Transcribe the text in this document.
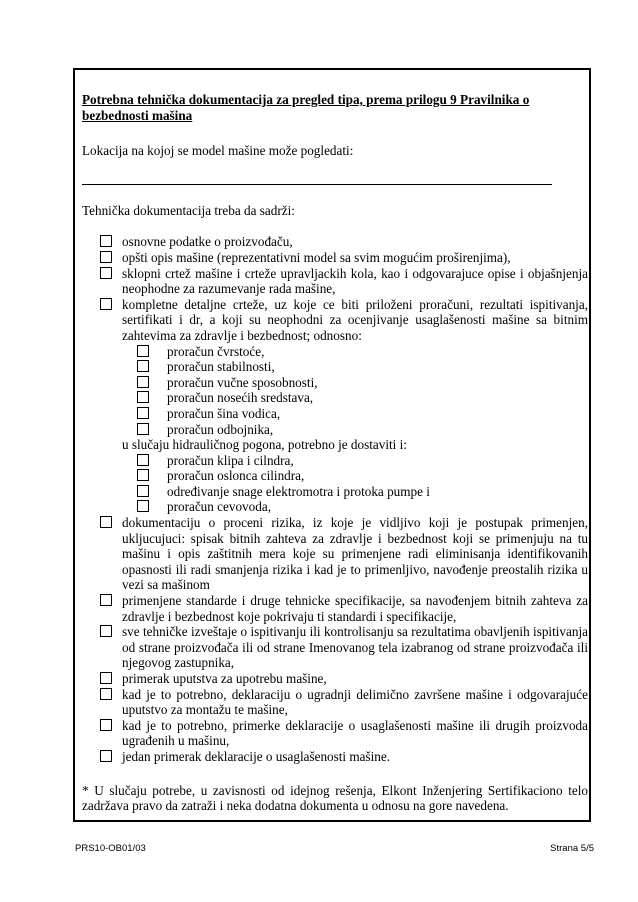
Potrebna tehnička dokumentacija za pregled tipa, prema prilogu 9 Pravilnika o bezbednosti mašina

Lokacija na kojoj se model mašine može pogledati:

Tehnička dokumentacija treba da sadrži:

osnovne podatke o proizvođaču,
opšti opis mašine (reprezentativni model sa svim mogućim proširenjima),
sklopni crtež mašine i crteže upravljackih kola, kao i odgovarajuce opise i objašnjenja neophodne za razumevanje rada mašine,
kompletne detaljne crteže, uz koje ce biti priloženi proračuni, rezultati ispitivanja, sertifikati i dr, a koji su neophodni za ocenjivanje usaglašenosti mašine sa bitnim zahtevima za zdravlje i bezbednost; odnosno:
proračun čvrstoće,
proračun stabilnosti,
proračun vučne sposobnosti,
proračun nosećih sredstava,
proračun šina vodica,
proračun odbojnika,
u slučaju hidrauličnog pogona, potrebno je dostaviti i:
proračun klipa i cilndra,
proračun oslonca cilindra,
određivanje snage elektromotra i protoka pumpe i
proračun cevovoda,
dokumentaciju o proceni rizika, iz koje je vidljivo koji je postupak primenjen, ukljucujuci: spisak bitnih zahteva za zdravlje i bezbednost koji se primenjuju na tu mašinu i opis zaštitnih mera koje su primenjene radi eliminisanja identifikovanih opasnosti ili radi smanjenja rizika i kad je to primenljivo, navođenje preostalih rizika u vezi sa mašinom
primenjene standarde i druge tehnicke specifikacije, sa navođenjem bitnih zahteva za zdravlje i bezbednost koje pokrivaju ti standardi i specifikacije,
sve tehničke izveštaje o ispitivanju ili kontrolisanju sa rezultatima obavljenih ispitivanja od strane proizvođača ili od strane Imenovanog tela izabranog od strane proizvođača ili njegovog zastupnika,
primerak uputstva za upotrebu mašine,
kad je to potrebno, deklaraciju o ugradnji delimično završene mašine i odgovarajuće uputstvo za montažu te mašine,
kad je to potrebno, primerke deklaracije o usaglašenosti mašine ili drugih proizvoda ugrađenih u mašinu,
jedan primerak deklaracije o usaglašenosti mašine.

* U slučaju potrebe, u zavisnosti od idejnog rešenja, Elkont Inženjering Sertifikaciono telo zadržava pravo da zatraži i neka dodatna dokumenta u odnosu na gore navedena.

PRS10-OB01/03	Strana 5/5
